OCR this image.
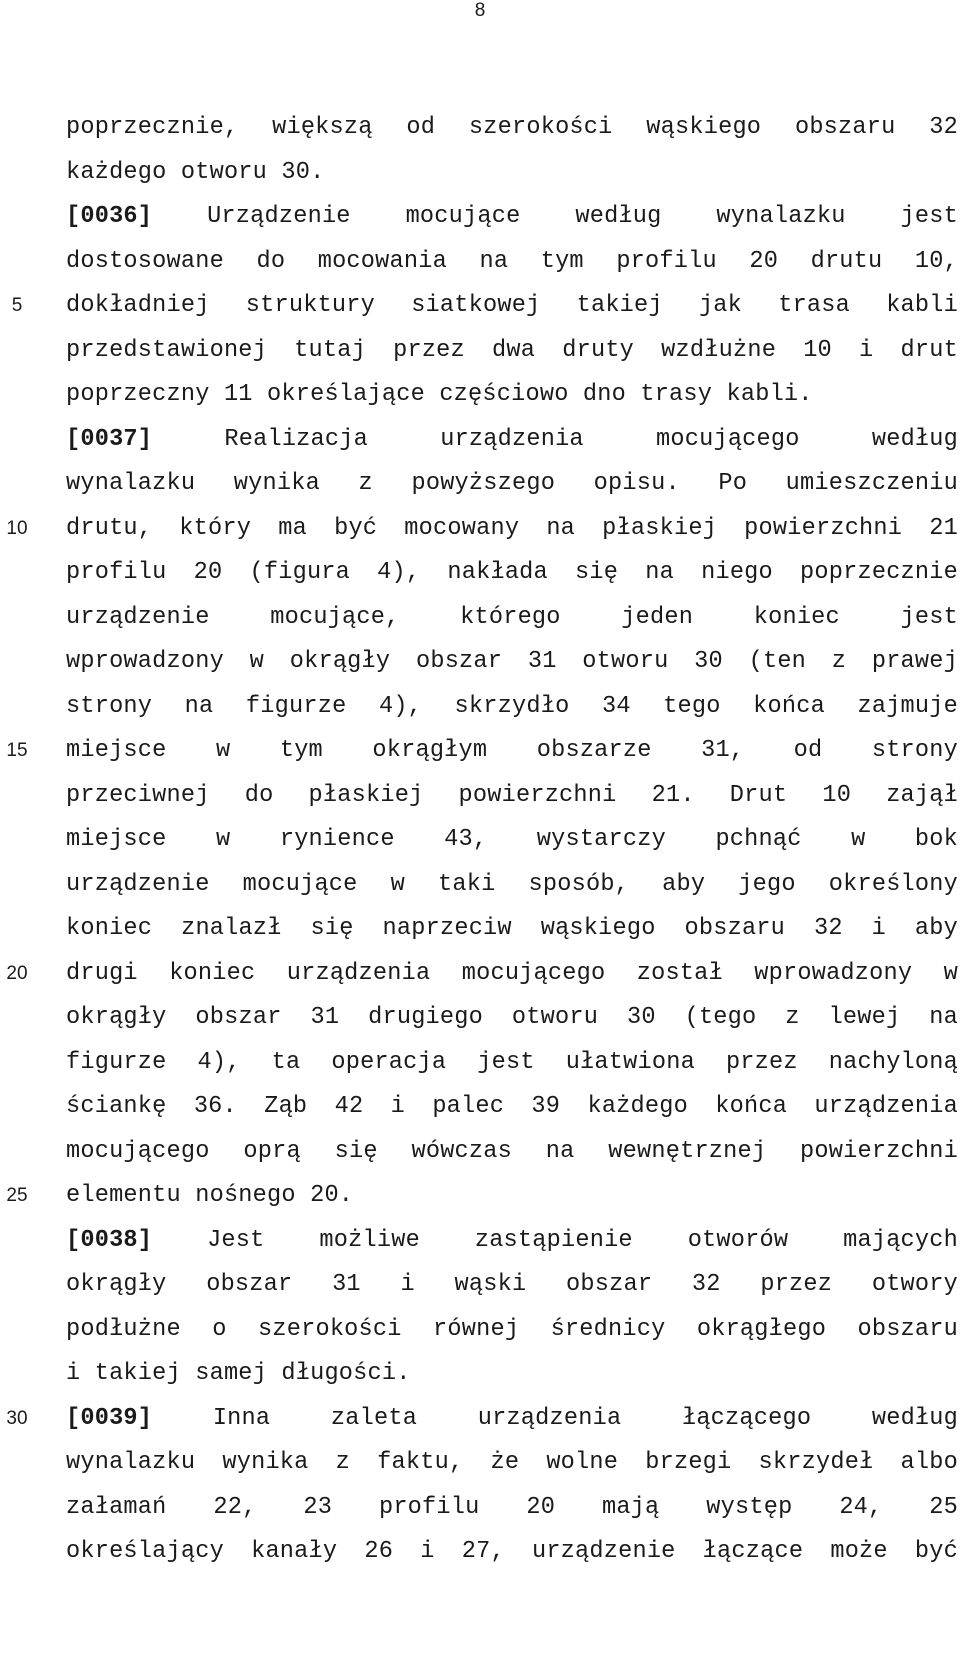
8
poprzecznie, większą od szerokości wąskiego obszaru 32
każdego otworu 30.
[0036] Urządzenie mocujące według wynalazku jest
dostosowane do mocowania na tym profilu 20 drutu 10,
dokładniej struktury siatkowej takiej jak trasa kabli
przedstawionej tutaj przez dwa druty wzdłużne 10 i drut
poprzeczny 11 określające częściowo dno trasy kabli.
[0037] Realizacja urządzenia mocującego według
wynalazku wynika z powyższego opisu. Po umieszczeniu
drutu, który ma być mocowany na płaskiej powierzchni 21
profilu 20 (figura 4), nakłada się na niego poprzecznie
urządzenie mocujące, którego jeden koniec jest
wprowadzony w okrągły obszar 31 otworu 30 (ten z prawej
strony na figurze 4), skrzydło 34 tego końca zajmuje
miejsce w tym okrągłym obszarze 31, od strony
przeciwnej do płaskiej powierzchni 21. Drut 10 zajął
miejsce w rynience 43, wystarczy pchnąć w bok
urządzenie mocujące w taki sposób, aby jego określony
koniec znalazł się naprzeciw wąskiego obszaru 32 i aby
drugi koniec urządzenia mocującego został wprowadzony w
okrągły obszar 31 drugiego otworu 30 (tego z lewej na
figurze 4), ta operacja jest ułatwiona przez nachyloną
ściankę 36. Ząb 42 i palec 39 każdego końca urządzenia
mocującego oprą się wówczas na wewnętrznej powierzchni
elementu nośnego 20.
[0038] Jest możliwe zastąpienie otworów mających
okrągły obszar 31 i wąski obszar 32 przez otwory
podłużne o szerokości równej średnicy okrągłego obszaru
i takiej samej długości.
[0039] Inna zaleta urządzenia łączącego według
wynalazku wynika z faktu, że wolne brzegi skrzydeł albo
załamań 22, 23 profilu 20 mają występ 24, 25
określający kanały 26 i 27, urządzenie łączące może być
5
10
15
20
25
30
